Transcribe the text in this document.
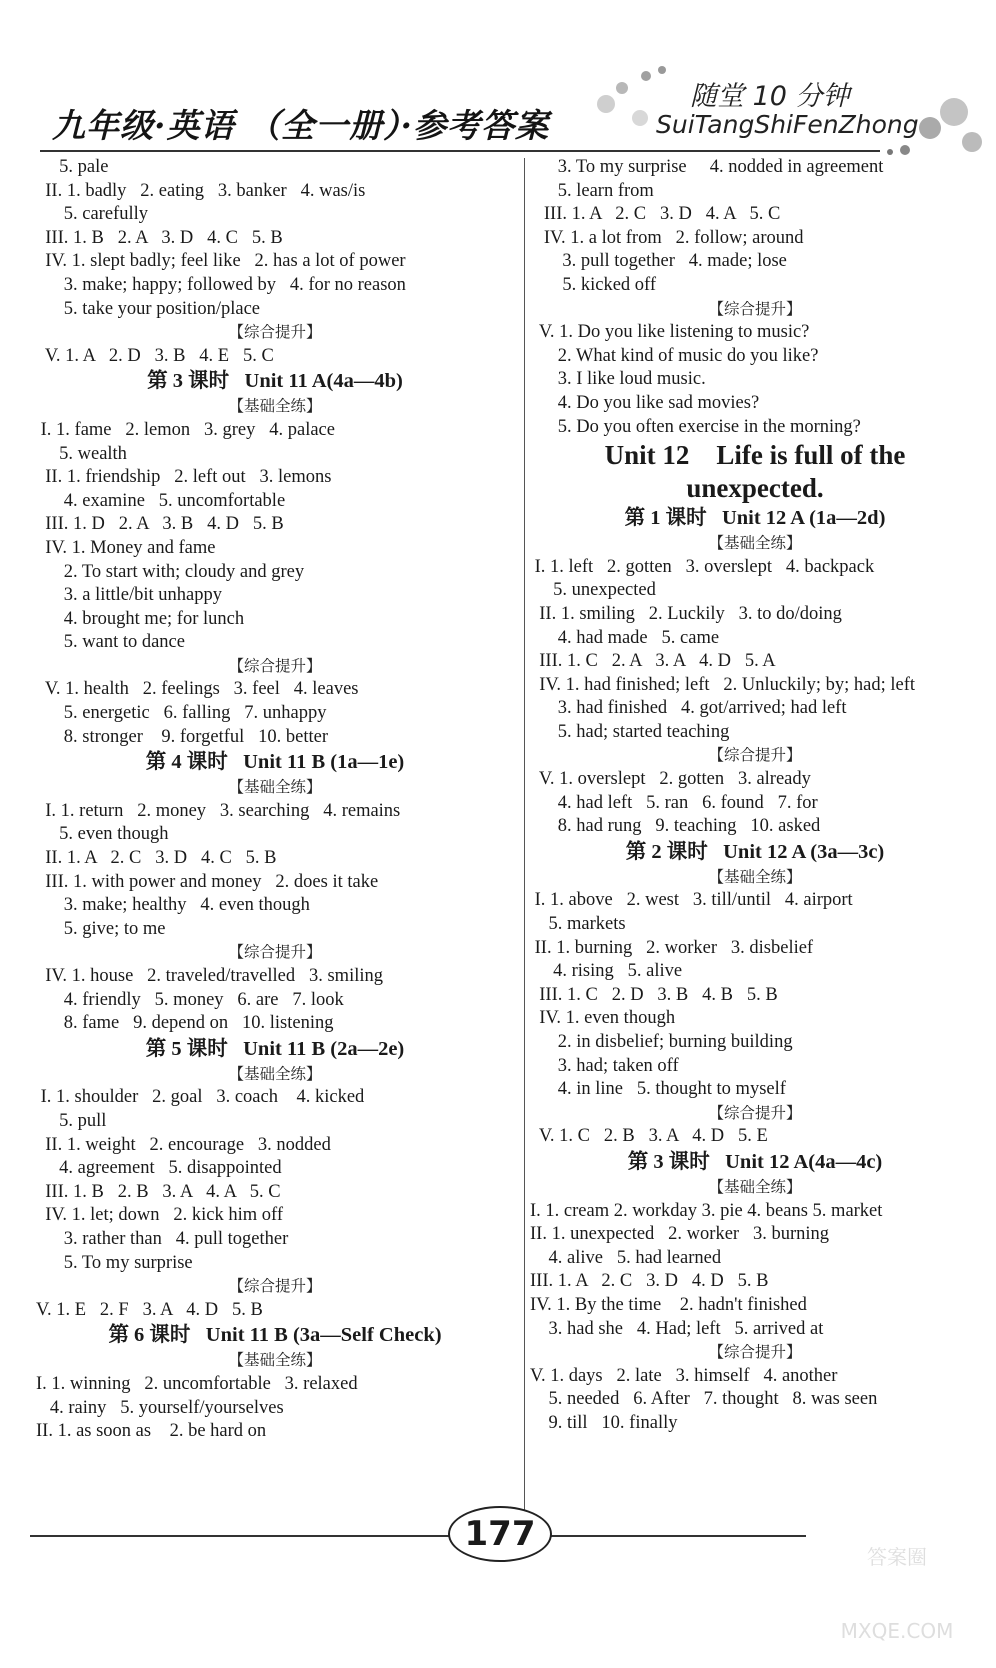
九年级·英语 （全一册）·参考答案
随堂 10 分钟
SuiTangShiFenZhong
5. pale
II. 1. badly   2. eating   3. banker   4. was/is
5. carefully
III. 1. B   2. A   3. D   4. C   5. B
IV. 1. slept badly; feel like   2. has a lot of power
3. make; happy; followed by   4. for no reason
5. take your position/place
【综合提升】
V. 1. A   2. D   3. B   4. E   5. C
第 3 课时   Unit 11 A(4a—4b)
【基础全练】
I. 1. fame   2. lemon   3. grey   4. palace
5. wealth
II. 1. friendship   2. left out   3. lemons
4. examine   5. uncomfortable
III. 1. D   2. A   3. B   4. D   5. B
IV. 1. Money and fame
2. To start with; cloudy and grey
3. a little/bit unhappy
4. brought me; for lunch
5. want to dance
【综合提升】
V. 1. health   2. feelings   3. feel   4. leaves
5. energetic   6. falling   7. unhappy
8. stronger    9. forgetful   10. better
第 4 课时   Unit 11 B (1a—1e)
【基础全练】
I. 1. return   2. money   3. searching   4. remains
5. even though
II. 1. A   2. C   3. D   4. C   5. B
III. 1. with power and money   2. does it take
3. make; healthy   4. even though
5. give; to me
【综合提升】
IV. 1. house   2. traveled/travelled   3. smiling
4. friendly   5. money   6. are   7. look
8. fame   9. depend on   10. listening
第 5 课时   Unit 11 B (2a—2e)
【基础全练】
I. 1. shoulder   2. goal   3. coach    4. kicked
5. pull
II. 1. weight   2. encourage   3. nodded
4. agreement   5. disappointed
III. 1. B   2. B   3. A   4. A   5. C
IV. 1. let; down   2. kick him off
3. rather than   4. pull together
5. To my surprise
【综合提升】
V. 1. E   2. F   3. A   4. D   5. B
第 6 课时   Unit 11 B (3a—Self Check)
【基础全练】
I. 1. winning   2. uncomfortable   3. relaxed
4. rainy   5. yourself/yourselves
II. 1. as soon as    2. be hard on
3. To my surprise     4. nodded in agreement
5. learn from
III. 1. A   2. C   3. D   4. A   5. C
IV. 1. a lot from   2. follow; around
3. pull together   4. made; lose
5. kicked off
【综合提升】
V. 1. Do you like listening to music?
2. What kind of music do you like?
3. I like loud music.
4. Do you like sad movies?
5. Do you often exercise in the morning?
Unit 12    Life is full of the
unexpected.
第 1 课时   Unit 12 A (1a—2d)
【基础全练】
I. 1. left   2. gotten   3. overslept   4. backpack
5. unexpected
II. 1. smiling   2. Luckily   3. to do/doing
4. had made   5. came
III. 1. C   2. A   3. A   4. D   5. A
IV. 1. had finished; left   2. Unluckily; by; had; left
3. had finished   4. got/arrived; had left
5. had; started teaching
【综合提升】
V. 1. overslept   2. gotten   3. already
4. had left   5. ran   6. found   7. for
8. had rung   9. teaching   10. asked
第 2 课时   Unit 12 A (3a—3c)
【基础全练】
I. 1. above   2. west   3. till/until   4. airport
5. markets
II. 1. burning   2. worker   3. disbelief
4. rising   5. alive
III. 1. C   2. D   3. B   4. B   5. B
IV. 1. even though
2. in disbelief; burning building
3. had; taken off
4. in line   5. thought to myself
【综合提升】
V. 1. C   2. B   3. A   4. D   5. E
第 3 课时   Unit 12 A(4a—4c)
【基础全练】
I. 1. cream 2. workday 3. pie 4. beans 5. market
II. 1. unexpected   2. worker   3. burning
4. alive   5. had learned
III. 1. A   2. C   3. D   4. D   5. B
IV. 1. By the time    2. hadn't finished
3. had she   4. Had; left   5. arrived at
【综合提升】
V. 1. days   2. late   3. himself   4. another
5. needed   6. After   7. thought   8. was seen
9. till   10. finally
177
答案圈 MXQE.COM
